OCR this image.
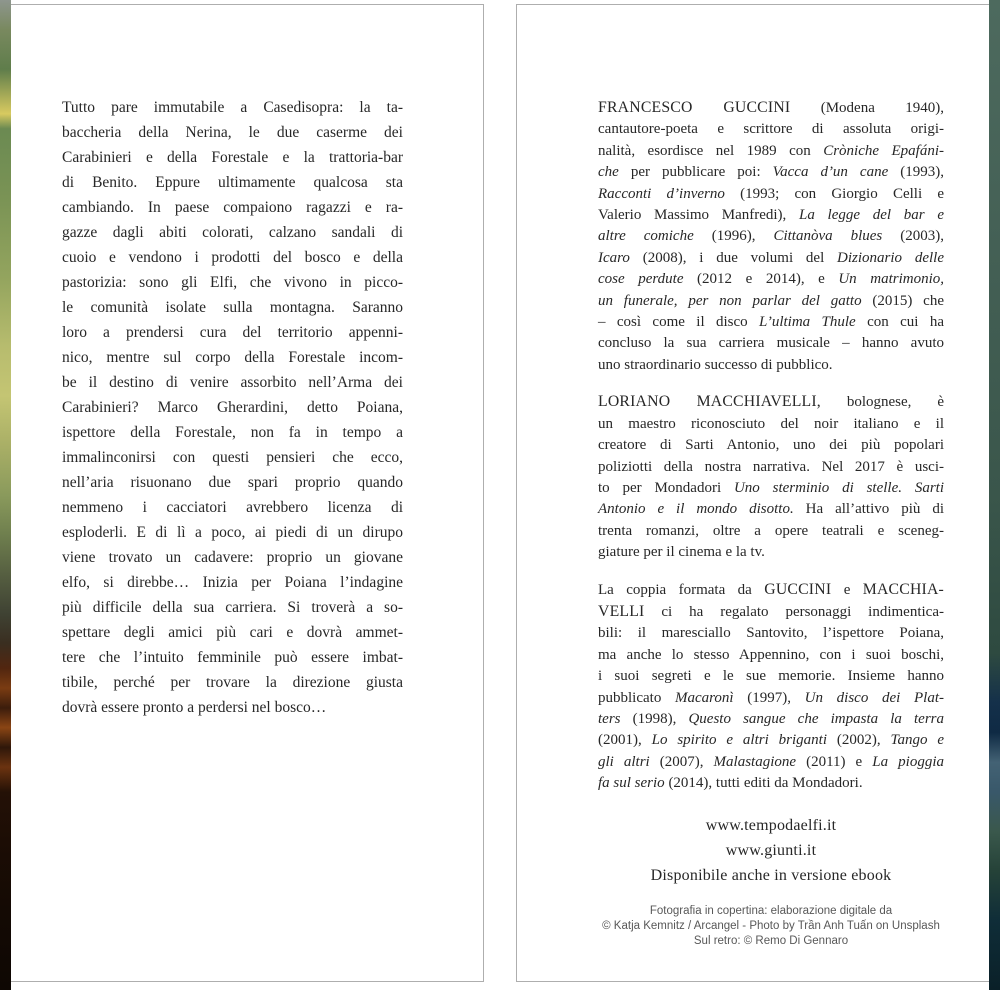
Tutto pare immutabile a Casedisopra: la ta-
baccheria della Nerina, le due caserme dei
Carabinieri e della Forestale e la trattoria-bar
di Benito. Eppure ultimamente qualcosa sta
cambiando. In paese compaiono ragazzi e ra-
gazze dagli abiti colorati, calzano sandali di
cuoio e vendono i prodotti del bosco e della
pastorizia: sono gli Elfi, che vivono in picco-
le comunità isolate sulla montagna. Saranno
loro a prendersi cura del territorio appenni-
nico, mentre sul corpo della Forestale incom-
be il destino di venire assorbito nell’Arma dei
Carabinieri? Marco Gherardini, detto Poiana,
ispettore della Forestale, non fa in tempo a
immalinconirsi con questi pensieri che ecco,
nell’aria risuonano due spari proprio quando
nemmeno i cacciatori avrebbero licenza di
esploderli. E di lì a poco, ai piedi di un dirupo
viene trovato un cadavere: proprio un giovane
elfo, si direbbe… Inizia per Poiana l’indagine
più difficile della sua carriera. Si troverà a so-
spettare degli amici più cari e dovrà ammet-
tere che l’intuito femminile può essere imbat-
tibile, perché per trovare la direzione giusta
dovrà essere pronto a perdersi nel bosco…
FRANCESCO GUCCINI (Modena 1940),
cantautore-poeta e scrittore di assoluta origi-
nalità, esordisce nel 1989 con Cròniche Epafáni-
che per pubblicare poi: Vacca d’un cane (1993),
Racconti d’inverno (1993; con Giorgio Celli e
Valerio Massimo Manfredi), La legge del bar e
altre comiche (1996), Cittanòva blues (2003),
Icaro (2008), i due volumi del Dizionario delle
cose perdute (2012 e 2014), e Un matrimonio,
un funerale, per non parlar del gatto (2015) che
– così come il disco L’ultima Thule con cui ha
concluso la sua carriera musicale – hanno avuto
uno straordinario successo di pubblico.
LORIANO MACCHIAVELLI, bolognese, è
un maestro riconosciuto del noir italiano e il
creatore di Sarti Antonio, uno dei più popolari
poliziotti della nostra narrativa. Nel 2017 è usci-
to per Mondadori Uno sterminio di stelle. Sarti
Antonio e il mondo disotto. Ha all’attivo più di
trenta romanzi, oltre a opere teatrali e sceneg-
giature per il cinema e la tv.
La coppia formata da GUCCINI e MACCHIA-
VELLI ci ha regalato personaggi indimentica-
bili: il maresciallo Santovito, l’ispettore Poiana,
ma anche lo stesso Appennino, con i suoi boschi,
i suoi segreti e le sue memorie. Insieme hanno
pubblicato Macaronì (1997), Un disco dei Plat-
ters (1998), Questo sangue che impasta la terra
(2001), Lo spirito e altri briganti (2002), Tango e
gli altri (2007), Malastagione (2011) e La pioggia
fa sul serio (2014), tutti editi da Mondadori.
www.tempodaelfi.it
www.giunti.it
Disponibile anche in versione ebook
Fotografia in copertina: elaborazione digitale da
© Katja Kemnitz / Arcangel - Photo by Trần Anh Tuấn on Unsplash
Sul retro: © Remo Di Gennaro
